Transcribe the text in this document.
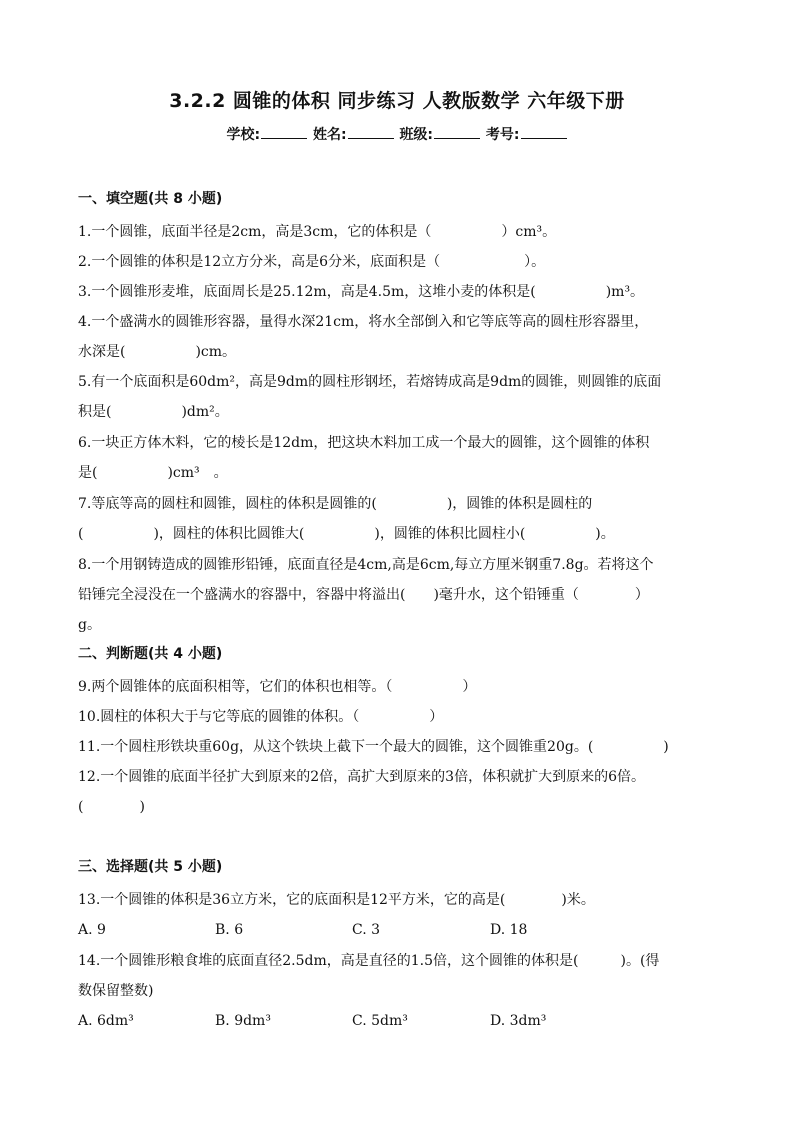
3.2.2 圆锥的体积 同步练习 人教版数学 六年级下册
学校:	姓名:	班级:	考号:
一、填空题(共 8 小题)
1.一个圆锥，底面半径是2cm，高是3cm，它的体积是（　　　　　）cm³。
2.一个圆锥的体积是12立方分米，高是6分米，底面积是（　　　　　　）。
3.一个圆锥形麦堆，底面周长是25.12m，高是4.5m，这堆小麦的体积是(　　　　　)m³。
4.一个盛满水的圆锥形容器，量得水深21cm，将水全部倒入和它等底等高的圆柱形容器里，
水深是(　　　　　)cm。
5.有一个底面积是60dm²，高是9dm的圆柱形钢坯，若熔铸成高是9dm的圆锥，则圆锥的底面
积是(　　　　　)dm²。
6.一块正方体木料，它的棱长是12dm，把这块木料加工成一个最大的圆锥，这个圆锥的体积
是(　　　　　)cm³　。
7.等底等高的圆柱和圆锥，圆柱的体积是圆锥的(　　　　　)，圆锥的体积是圆柱的
(　　　　　)，圆柱的体积比圆锥大(　　　　　)，圆锥的体积比圆柱小(　　　　　)。
8.一个用钢铸造成的圆锥形铅锤，底面直径是4cm,高是6cm,每立方厘米钢重7.8g。若将这个
铅锤完全浸没在一个盛满水的容器中，容器中将溢出(　　)毫升水，这个铅锤重（　　　　）
g。
二、判断题(共 4 小题)
9.两个圆锥体的底面积相等，它们的体积也相等。（　　　　　）
10.圆柱的体积大于与它等底的圆锥的体积。（　　　　　）
11.一个圆柱形铁块重60g，从这个铁块上截下一个最大的圆锥，这个圆锥重20g。(　　　　　)
12.一个圆锥的底面半径扩大到原来的2倍，高扩大到原来的3倍，体积就扩大到原来的6倍。
(　　　　)
三、选择题(共 5 小题)
13.一个圆锥的体积是36立方米，它的底面积是12平方米，它的高是(　　　　)米。
A. 9	B. 6	C. 3	D. 18
14.一个圆锥形粮食堆的底面直径2.5dm，高是直径的1.5倍，这个圆锥的体积是(　　　)。(得
数保留整数)
A. 6dm³	B. 9dm³	C. 5dm³	D. 3dm³
